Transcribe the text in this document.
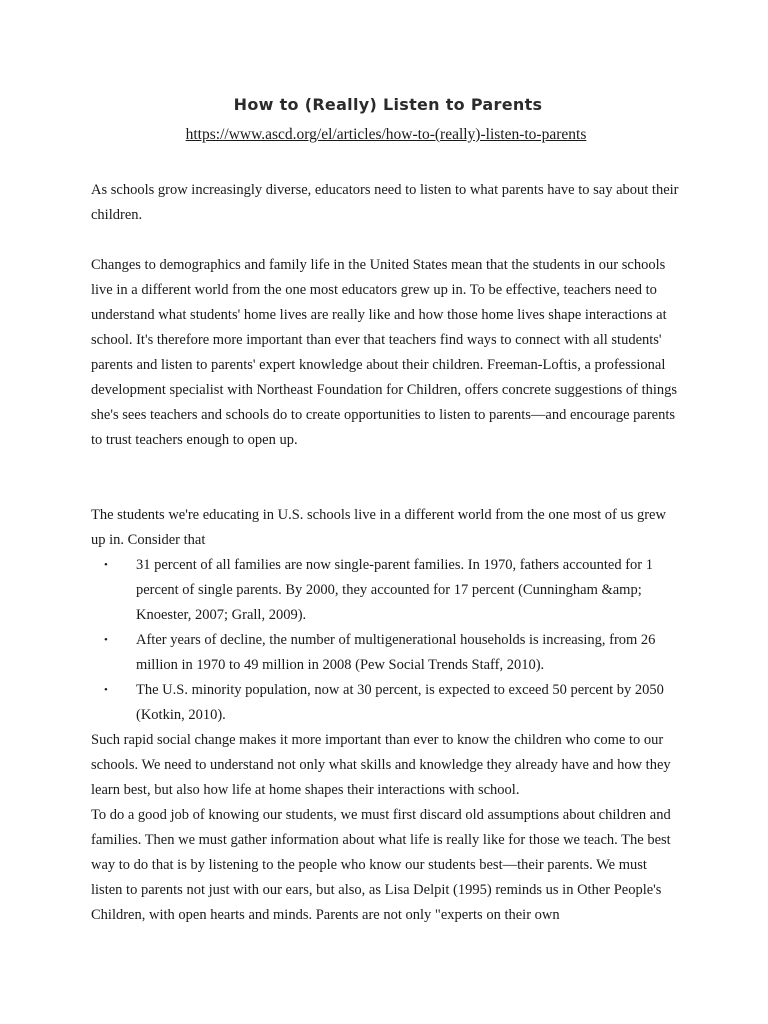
How to (Really) Listen to Parents
https://www.ascd.org/el/articles/how-to-(really)-listen-to-parents

As schools grow increasingly diverse, educators need to listen to what parents have to say about their children.

Changes to demographics and family life in the United States mean that the students in our schools live in a different world from the one most educators grew up in. To be effective, teachers need to understand what students' home lives are really like and how those home lives shape interactions at school. It's therefore more important than ever that teachers find ways to connect with all students' parents and listen to parents' expert knowledge about their children. Freeman-Loftis, a professional development specialist with Northeast Foundation for Children, offers concrete suggestions of things she's sees teachers and schools do to create opportunities to listen to parents—and encourage parents to trust teachers enough to open up.

The students we're educating in U.S. schools live in a different world from the one most of us grew up in. Consider that

• 31 percent of all families are now single-parent families. In 1970, fathers accounted for 1 percent of single parents. By 2000, they accounted for 17 percent (Cunningham &amp; Knoester, 2007; Grall, 2009).
• After years of decline, the number of multigenerational households is increasing, from 26 million in 1970 to 49 million in 2008 (Pew Social Trends Staff, 2010).
• The U.S. minority population, now at 30 percent, is expected to exceed 50 percent by 2050 (Kotkin, 2010).

Such rapid social change makes it more important than ever to know the children who come to our schools. We need to understand not only what skills and knowledge they already have and how they learn best, but also how life at home shapes their interactions with school.

To do a good job of knowing our students, we must first discard old assumptions about children and families. Then we must gather information about what life is really like for those we teach. The best way to do that is by listening to the people who know our students best—their parents. We must listen to parents not just with our ears, but also, as Lisa Delpit (1995) reminds us in Other People's Children, with open hearts and minds. Parents are not only "experts on their own
